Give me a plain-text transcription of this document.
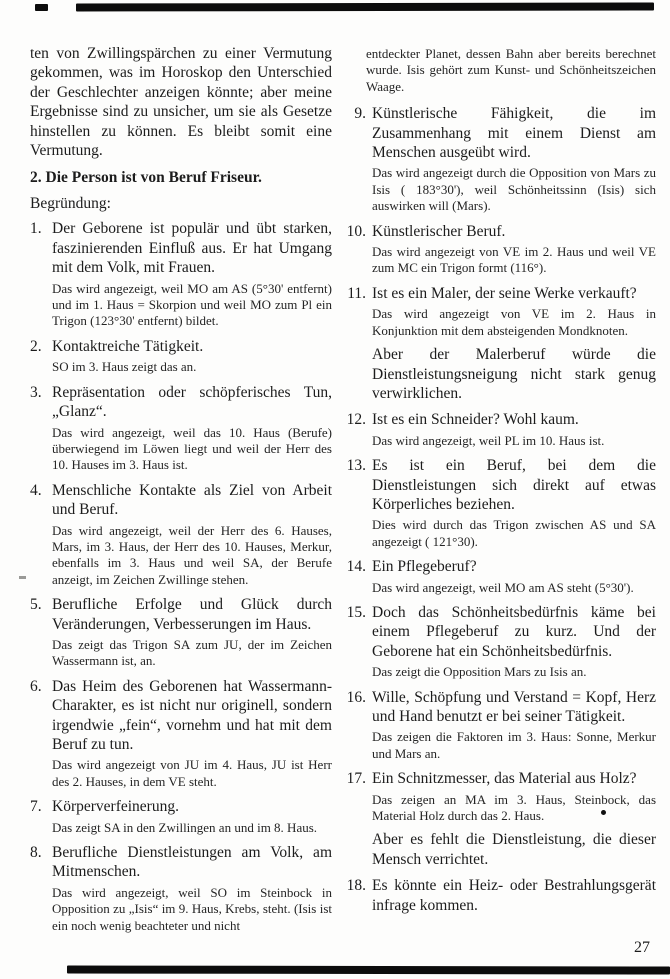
ten von Zwillingspärchen zu einer Vermutung gekommen, was im Horoskop den Unterschied der Geschlechter anzeigen könnte; aber meine Ergebnisse sind zu unsicher, um sie als Gesetze hinstellen zu können. Es bleibt somit eine Vermutung.
2. Die Person ist von Beruf Friseur.
Begründung:
1. Der Geborene ist populär und übt starken, faszinierenden Einfluß aus. Er hat Umgang mit dem Volk, mit Frauen.
Das wird angezeigt, weil MO am AS (5°30' entfernt) und im 1. Haus = Skorpion und weil MO zum Pl ein Trigon (123°30' entfernt) bildet.
2. Kontaktreiche Tätigkeit.
SO im 3. Haus zeigt das an.
3. Repräsentation oder schöpferisches Tun, „Glanz“.
Das wird angezeigt, weil das 10. Haus (Berufe) überwiegend im Löwen liegt und weil der Herr des 10. Hauses im 3. Haus ist.
4. Menschliche Kontakte als Ziel von Arbeit und Beruf.
Das wird angezeigt, weil der Herr des 6. Hauses, Mars, im 3. Haus, der Herr des 10. Hauses, Merkur, ebenfalls im 3. Haus und weil SA, der Berufe anzeigt, im Zeichen Zwillinge stehen.
5. Berufliche Erfolge und Glück durch Veränderungen, Verbesserungen im Haus.
Das zeigt das Trigon SA zum JU, der im Zeichen Wassermann ist, an.
6. Das Heim des Geborenen hat Wassermann-Charakter, es ist nicht nur originell, sondern irgendwie „fein“, vornehm und hat mit dem Beruf zu tun.
Das wird angezeigt von JU im 4. Haus, JU ist Herr des 2. Hauses, in dem VE steht.
7. Körperverfeinerung.
Das zeigt SA in den Zwillingen an und im 8. Haus.
8. Berufliche Dienstleistungen am Volk, am Mitmenschen.
Das wird angezeigt, weil SO im Steinbock in Opposition zu „Isis“ im 9. Haus, Krebs, steht. (Isis ist ein noch wenig beachteter und nicht
entdeckter Planet, dessen Bahn aber bereits berechnet wurde. Isis gehört zum Kunst- und Schönheitszeichen Waage.
9. Künstlerische Fähigkeit, die im Zusammenhang mit einem Dienst am Menschen ausgeübt wird.
Das wird angezeigt durch die Opposition von Mars zu Isis ( 183°30'), weil Schönheitssinn (Isis) sich auswirken will (Mars).
10. Künstlerischer Beruf.
Das wird angezeigt von VE im 2. Haus und weil VE zum MC ein Trigon formt (116°).
11. Ist es ein Maler, der seine Werke verkauft?
Das wird angezeigt von VE im 2. Haus in Konjunktion mit dem absteigenden Mondknoten.
Aber der Malerberuf würde die Dienstleistungsneigung nicht stark genug verwirklichen.
12. Ist es ein Schneider? Wohl kaum.
Das wird angezeigt, weil PL im 10. Haus ist.
13. Es ist ein Beruf, bei dem die Dienstleistungen sich direkt auf etwas Körperliches beziehen.
Dies wird durch das Trigon zwischen AS und SA angezeigt ( 121°30).
14. Ein Pflegeberuf?
Das wird angezeigt, weil MO am AS steht (5°30').
15. Doch das Schönheitsbedürfnis käme bei einem Pflegeberuf zu kurz. Und der Geborene hat ein Schönheitsbedürfnis.
Das zeigt die Opposition Mars zu Isis an.
16. Wille, Schöpfung und Verstand = Kopf, Herz und Hand benutzt er bei seiner Tätigkeit.
Das zeigen die Faktoren im 3. Haus: Sonne, Merkur und Mars an.
17. Ein Schnitzmesser, das Material aus Holz?
Das zeigen an MA im 3. Haus, Steinbock, das Material Holz durch das 2. Haus.
Aber es fehlt die Dienstleistung, die dieser Mensch verrichtet.
18. Es könnte ein Heiz- oder Bestrahlungsgerät infrage kommen.
27
